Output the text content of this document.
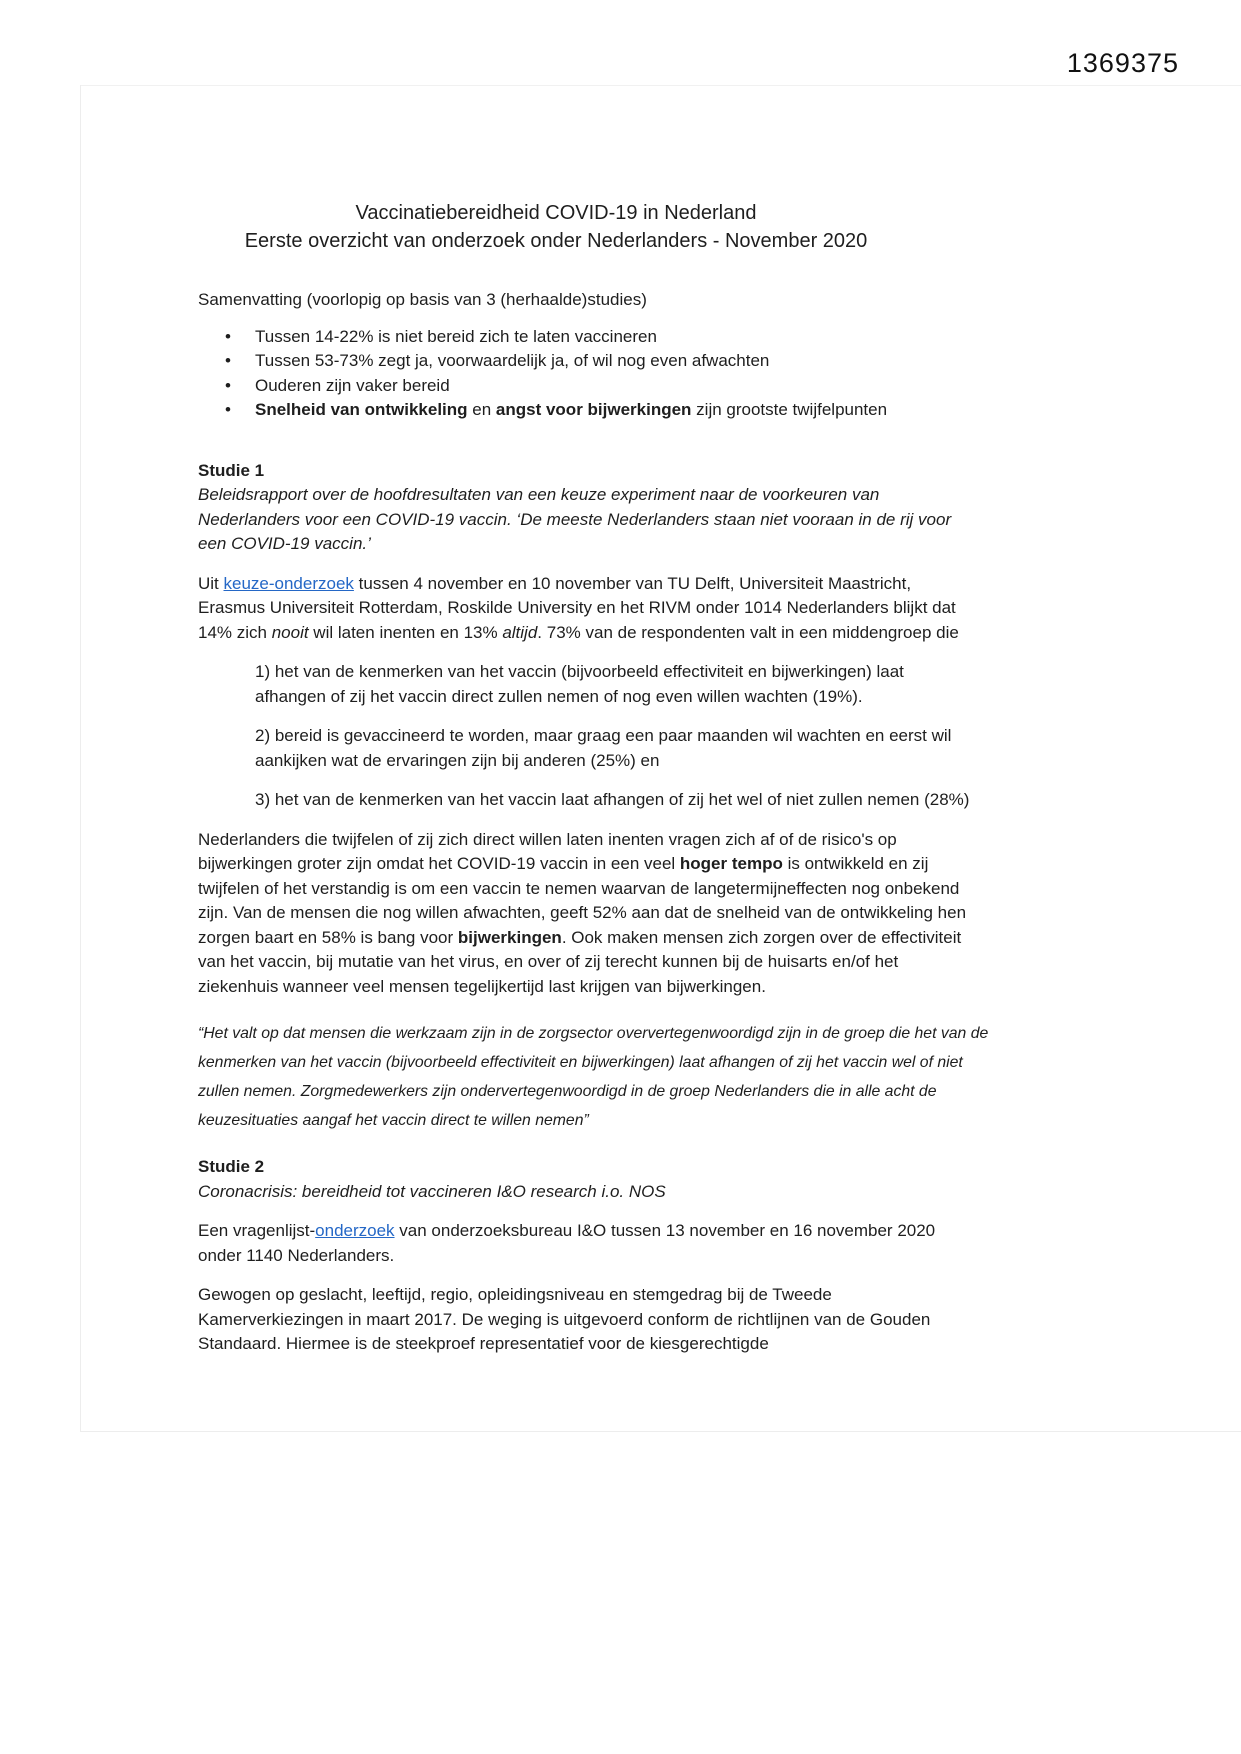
1369375
Vaccinatiebereidheid COVID-19 in Nederland
Eerste overzicht van onderzoek onder Nederlanders - November 2020
Samenvatting (voorlopig op basis van 3 (herhaalde)studies)
•	Tussen 14-22% is niet bereid zich te laten vaccineren
•	Tussen 53-73% zegt ja, voorwaardelijk ja, of wil nog even afwachten
•	Ouderen zijn vaker bereid
•	Snelheid van ontwikkeling en angst voor bijwerkingen zijn grootste twijfelpunten
Studie 1
Beleidsrapport over de hoofdresultaten van een keuze experiment naar de voorkeuren van Nederlanders voor een COVID-19 vaccin. ‘De meeste Nederlanders staan niet vooraan in de rij voor een COVID-19 vaccin.’
Uit keuze-onderzoek tussen 4 november en 10 november van TU Delft, Universiteit Maastricht, Erasmus Universiteit Rotterdam, Roskilde University en het RIVM onder 1014 Nederlanders blijkt dat 14% zich nooit wil laten inenten en 13% altijd. 73% van de respondenten valt in een middengroep die
1) het van de kenmerken van het vaccin (bijvoorbeeld effectiviteit en bijwerkingen) laat afhangen of zij het vaccin direct zullen nemen of nog even willen wachten (19%).
2) bereid is gevaccineerd te worden, maar graag een paar maanden wil wachten en eerst wil aankijken wat de ervaringen zijn bij anderen (25%) en
3) het van de kenmerken van het vaccin laat afhangen of zij het wel of niet zullen nemen (28%)
Nederlanders die twijfelen of zij zich direct willen laten inenten vragen zich af of de risico's op bijwerkingen groter zijn omdat het COVID-19 vaccin in een veel hoger tempo is ontwikkeld en zij twijfelen of het verstandig is om een vaccin te nemen waarvan de langetermijneffecten nog onbekend zijn. Van de mensen die nog willen afwachten, geeft 52% aan dat de snelheid van de ontwikkeling hen zorgen baart en 58% is bang voor bijwerkingen. Ook maken mensen zich zorgen over de effectiviteit van het vaccin, bij mutatie van het virus, en over of zij terecht kunnen bij de huisarts en/of het ziekenhuis wanneer veel mensen tegelijkertijd last krijgen van bijwerkingen.
“Het valt op dat mensen die werkzaam zijn in de zorgsector oververtegenwoordigd zijn in de groep die het van de kenmerken van het vaccin (bijvoorbeeld effectiviteit en bijwerkingen) laat afhangen of zij het vaccin wel of niet zullen nemen. Zorgmedewerkers zijn ondervertegenwoordigd in de groep Nederlanders die in alle acht de keuzesituaties aangaf het vaccin direct te willen nemen”
Studie 2
Coronacrisis: bereidheid tot vaccineren I&O research i.o. NOS
Een vragenlijst-onderzoek van onderzoeksbureau I&O tussen 13 november en 16 november 2020 onder 1140 Nederlanders.
Gewogen op geslacht, leeftijd, regio, opleidingsniveau en stemgedrag bij de Tweede Kamerverkiezingen in maart 2017. De weging is uitgevoerd conform de richtlijnen van de Gouden Standaard. Hiermee is de steekproef representatief voor de kiesgerechtigde
